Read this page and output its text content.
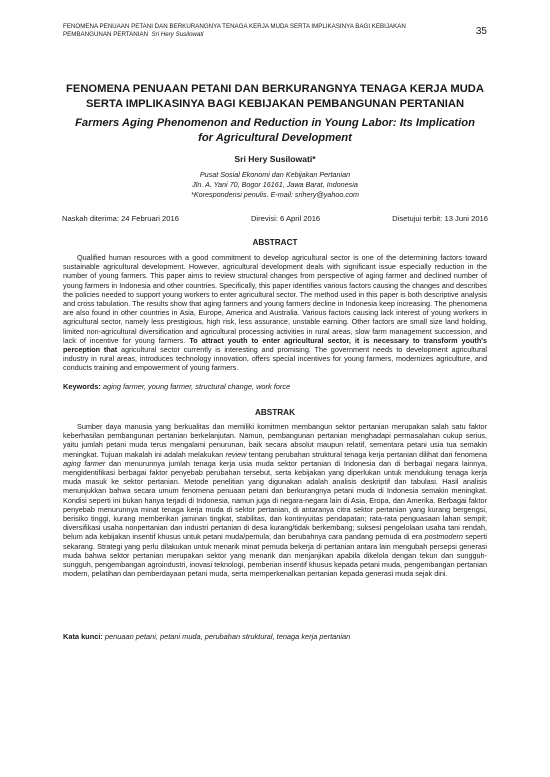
FENOMENA PENUAAN PETANI DAN BERKURANGNYA TENAGA KERJA MUDA SERTA IMPLIKASINYA BAGI KEBIJAKAN
PEMBANGUNAN PERTANIAN Sri Hery Susilowati	35
FENOMENA PENUAAN PETANI DAN BERKURANGNYA TENAGA KERJA MUDA SERTA IMPLIKASINYA BAGI KEBIJAKAN PEMBANGUNAN PERTANIAN
Farmers Aging Phenomenon and Reduction in Young Labor: Its Implication for Agricultural Development
Sri Hery Susilowati*
Pusat Sosial Ekonomi dan Kebijakan Pertanian
Jln. A. Yani 70, Bogor 16161, Jawa Barat, Indonesia
*Korespondensi penulis. E-mail: srihery@yahoo.com
Naskah diterima: 24 Februari 2016	Direvisi: 6 April 2016	Disetujui terbit: 13 Juni 2016
ABSTRACT
Qualified human resources with a good commitment to develop agricultural sector is one of the determining factors toward sustainable agricultural development. However, agricultural development deals with significant issue especially reduction in the number of young farmers. This paper aims to review structural changes from perspective of aging farmer and declined number of young farmers in Indonesia and other countries. Specifically, this paper identifies various factors causing the changes and describes the policies needed to support young workers to enter agricultural sector. The method used in this paper is both descriptive analysis and cross tabulation. The results show that aging farmers and young farmers decline in Indonesia keep increasing. The phenomena are also found in other countries in Asia, Europe, America and Australia. Various factors causing lack interest of young workers in agricultural sector, namely less prestigious, high risk, less assurance, unstable earning. Other factors are small size land holding, limited non-agricultural diversification and agricultural processing activities in rural areas, slow farm management succession, and lack of incentive for young farmers. To attract youth to enter agricultural sector, it is necessary to transform youth's perception that agricultural sector currently is interesting and promising. The government needs to development agricultural industry in rural areas, introduces technology innovation, offers special incentives for young farmers, modernizes agriculture, and conducts training and empowerment of young farmers.
Keywords: aging farmer, young farmer, structural change, work force
ABSTRAK
Sumber daya manusia yang berkualitas dan memiliki komitmen membangun sektor pertanian merupakan salah satu faktor keberhasilan pembangunan pertanian berkelanjutan. Namun, pembangunan pertanian menghadapi permasalahan cukup serius, yaitu jumlah petani muda terus mengalami penurunan, baik secara absolut maupun relatif, sementara petani usia tua semakin meningkat. Tujuan makalah ini adalah melakukan review tentang perubahan struktural tenaga kerja pertanian dilihat dari fenomena aging farmer dan menurunnya jumlah tenaga kerja usia muda sektor pertanian di Indonesia dan di berbagai negara lainnya, mengidentifikasi berbagai faktor penyebab perubahan tersebut, serta kebijakan yang diperlukan untuk mendukung tenaga kerja muda masuk ke sektor pertanian. Metode penelitian yang digunakan adalah analisis deskriptif dan tabulasi. Hasil analisis menunjukkan bahwa secara umum fenomena penuaan petani dan berkurangnya petani muda di Indonesia semakin meningkat. Kondisi seperti ini bukan hanya terjadi di Indonesia, namun juga di negara-negara lain di Asia, Eropa, dan Amerika. Berbagai faktor penyebab menurunnya minat tenaga kerja muda di sektor pertanian, di antaranya citra sektor pertanian yang kurang bergengsi, berisiko tinggi, kurang memberikan jaminan tingkat, stabilitas, dan kontinyuitas pendapatan; rata-rata penguasaan lahan sempit; diversifikasi usaha nonpertanian dan industri pertanian di desa kurang/tidak berkembang; suksesi pengelolaan usaha tani rendah, belum ada kebijakan insentif khusus untuk petani muda/pemula; dan berubahnya cara pandang pemuda di era postmodern seperti sekarang. Strategi yang perlu dilakukan untuk menarik minat pemuda bekerja di pertanian antara lain mengubah persepsi generasi muda bahwa sektor pertanian merupakan sektor yang menarik dan menjanjikan apabila dikelola dengan tekun dan sungguh-sungguh, pengembangan agroindustri, inovasi teknologi, pemberian insentif khusus kepada petani muda, pengembangan pertanian modern, pelatihan dan pemberdayaan petani muda, serta memperkenalkan pertanian kepada generasi muda sejak dini.
Kata kunci: penuaan petani, petani muda, perubahan struktural, tenaga kerja pertanian
